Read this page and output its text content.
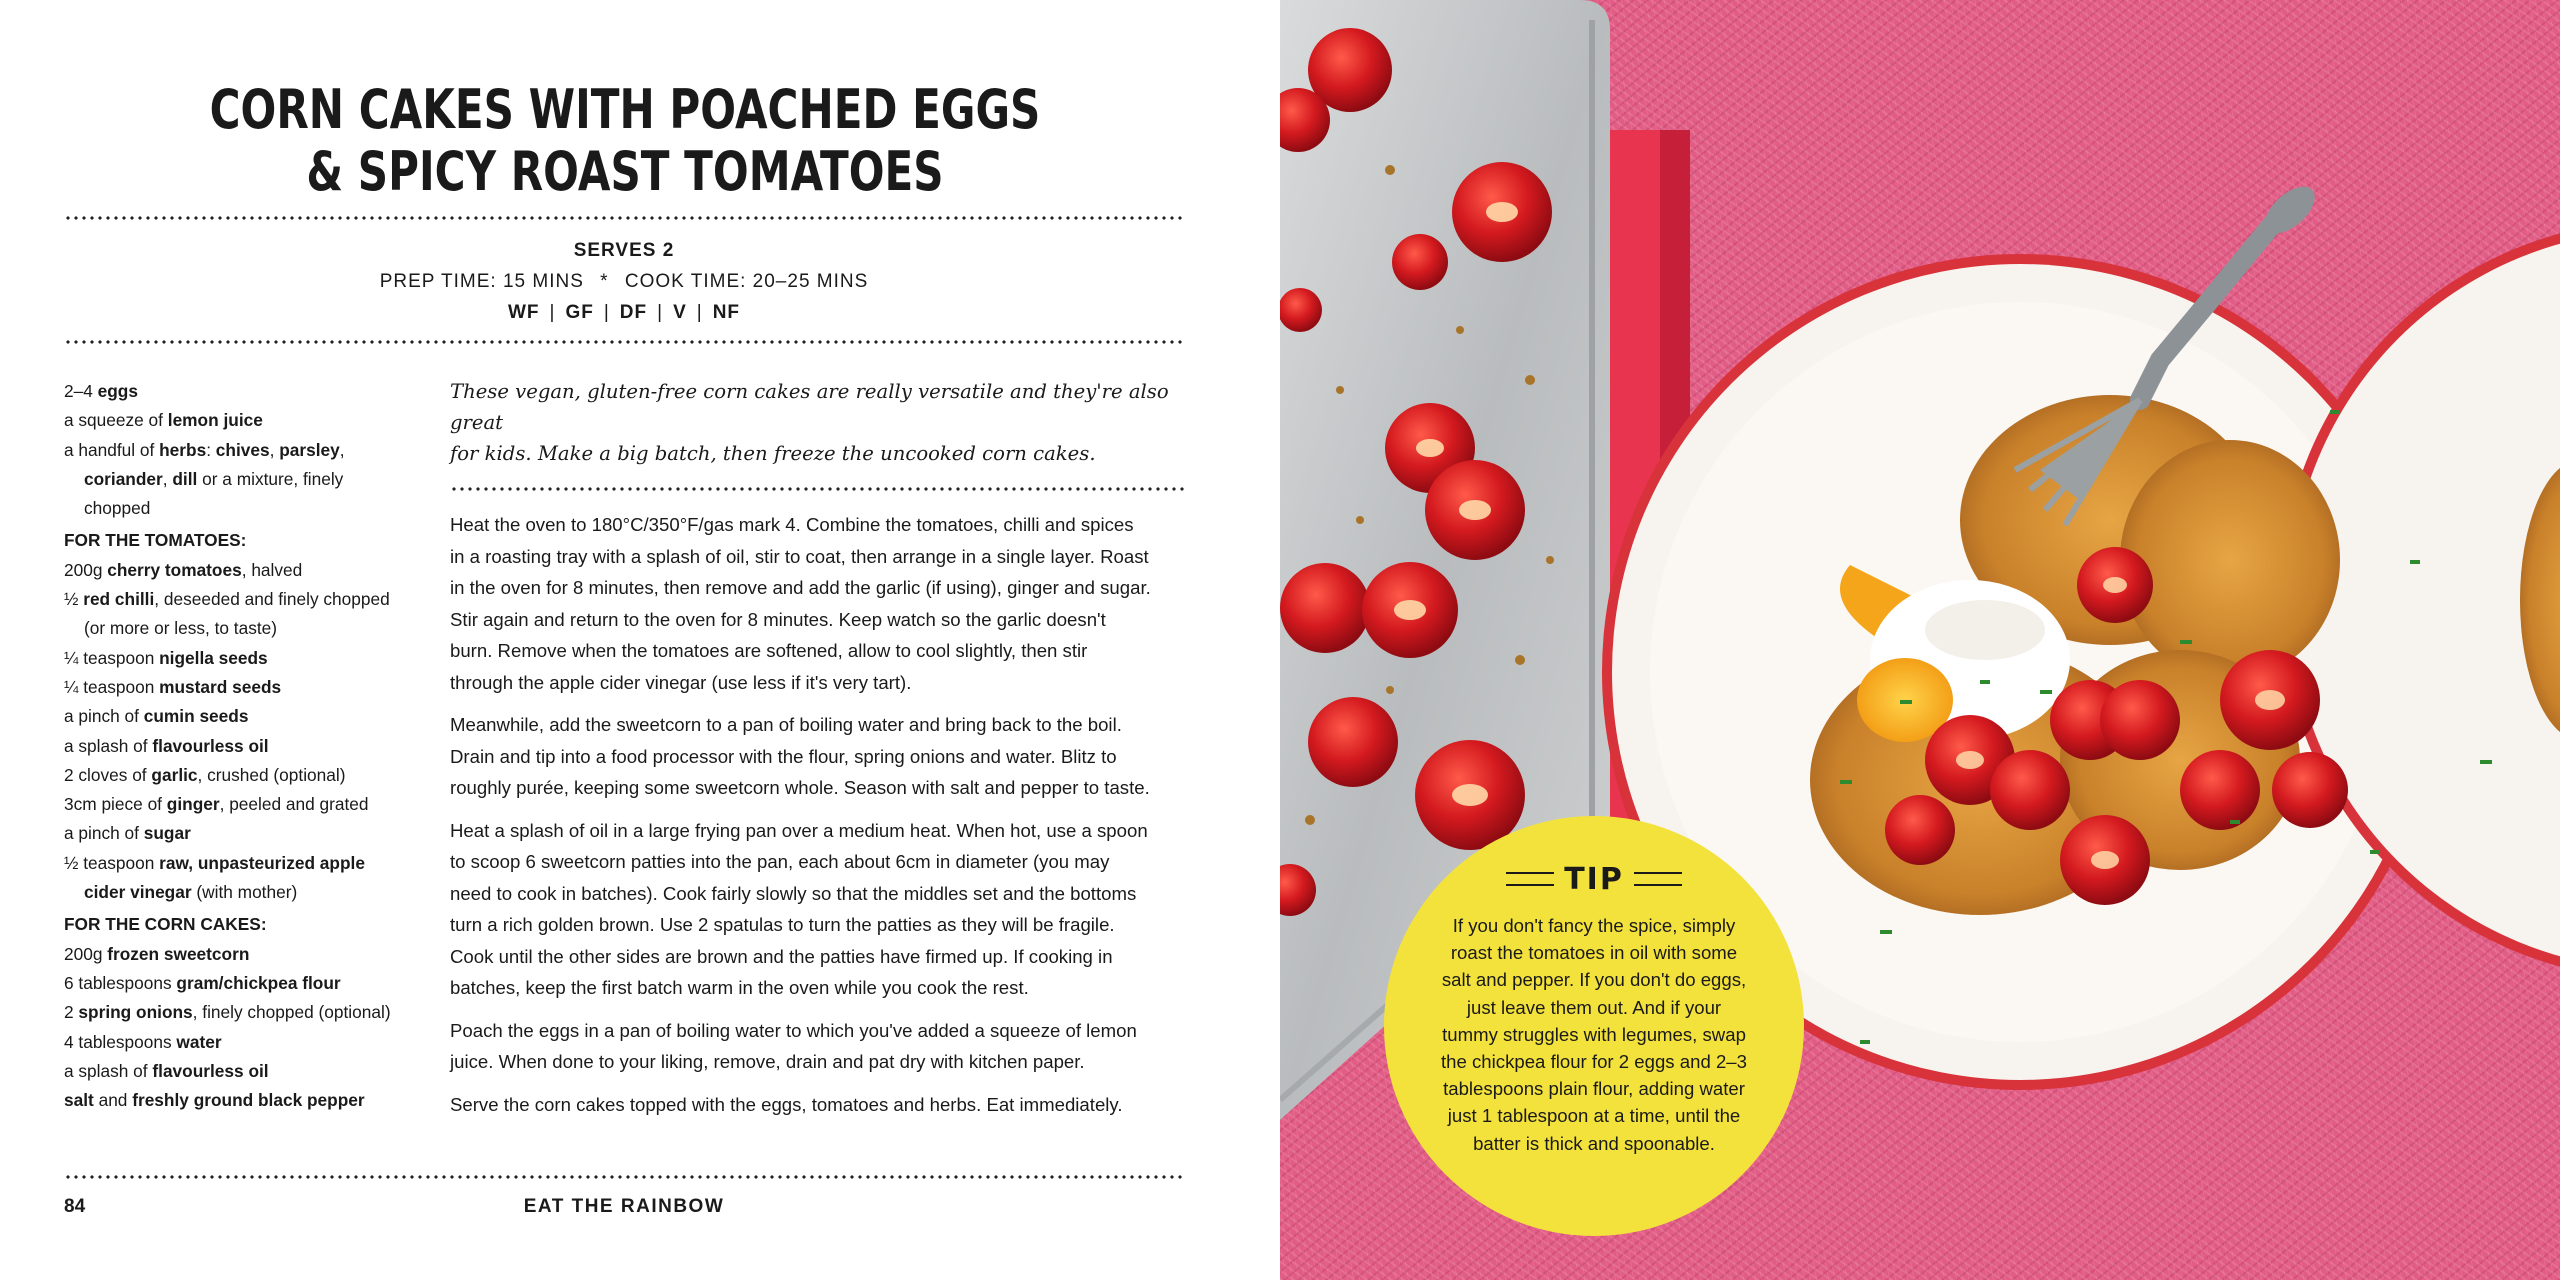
CORN CAKES WITH POACHED EGGS
& SPICY ROAST TOMATOES
SERVES 2
PREP TIME: 15 MINS * COOK TIME: 20–25 MINS
WF | GF | DF | V | NF
2–4 eggs
a squeeze of lemon juice
a handful of herbs: chives, parsley,
coriander, dill or a mixture, finely
chopped
FOR THE TOMATOES:
200g cherry tomatoes, halved
½ red chilli, deseeded and finely chopped
(or more or less, to taste)
¼ teaspoon nigella seeds
¼ teaspoon mustard seeds
a pinch of cumin seeds
a splash of flavourless oil
2 cloves of garlic, crushed (optional)
3cm piece of ginger, peeled and grated
a pinch of sugar
½ teaspoon raw, unpasteurized apple
cider vinegar (with mother)
FOR THE CORN CAKES:
200g frozen sweetcorn
6 tablespoons gram/chickpea flour
2 spring onions, finely chopped (optional)
4 tablespoons water
a splash of flavourless oil
salt and freshly ground black pepper

These vegan, gluten-free corn cakes are really versatile and they're also great
for kids. Make a big batch, then freeze the uncooked corn cakes.

Heat the oven to 180°C/350°F/gas mark 4. Combine the tomatoes, chilli and spices
in a roasting tray with a splash of oil, stir to coat, then arrange in a single layer. Roast
in the oven for 8 minutes, then remove and add the garlic (if using), ginger and sugar.
Stir again and return to the oven for 8 minutes. Keep watch so the garlic doesn't
burn. Remove when the tomatoes are softened, allow to cool slightly, then stir
through the apple cider vinegar (use less if it's very tart).
Meanwhile, add the sweetcorn to a pan of boiling water and bring back to the boil.
Drain and tip into a food processor with the flour, spring onions and water. Blitz to
roughly purée, keeping some sweetcorn whole. Season with salt and pepper to taste.
Heat a splash of oil in a large frying pan over a medium heat. When hot, use a spoon
to scoop 6 sweetcorn patties into the pan, each about 6cm in diameter (you may
need to cook in batches). Cook fairly slowly so that the middles set and the bottoms
turn a rich golden brown. Use 2 spatulas to turn the patties as they will be fragile.
Cook until the other sides are brown and the patties have firmed up. If cooking in
batches, keep the first batch warm in the oven while you cook the rest.
Poach the eggs in a pan of boiling water to which you've added a squeeze of lemon
juice. When done to your liking, remove, drain and pat dry with kitchen paper.
Serve the corn cakes topped with the eggs, tomatoes and herbs. Eat immediately.
84	EAT THE RAINBOW
TIP
If you don't fancy the spice, simply
roast the tomatoes in oil with some
salt and pepper. If you don't do eggs,
just leave them out. And if your
tummy struggles with legumes, swap
the chickpea flour for 2 eggs and 2–3
tablespoons plain flour, adding water
just 1 tablespoon at a time, until the
batter is thick and spoonable.
